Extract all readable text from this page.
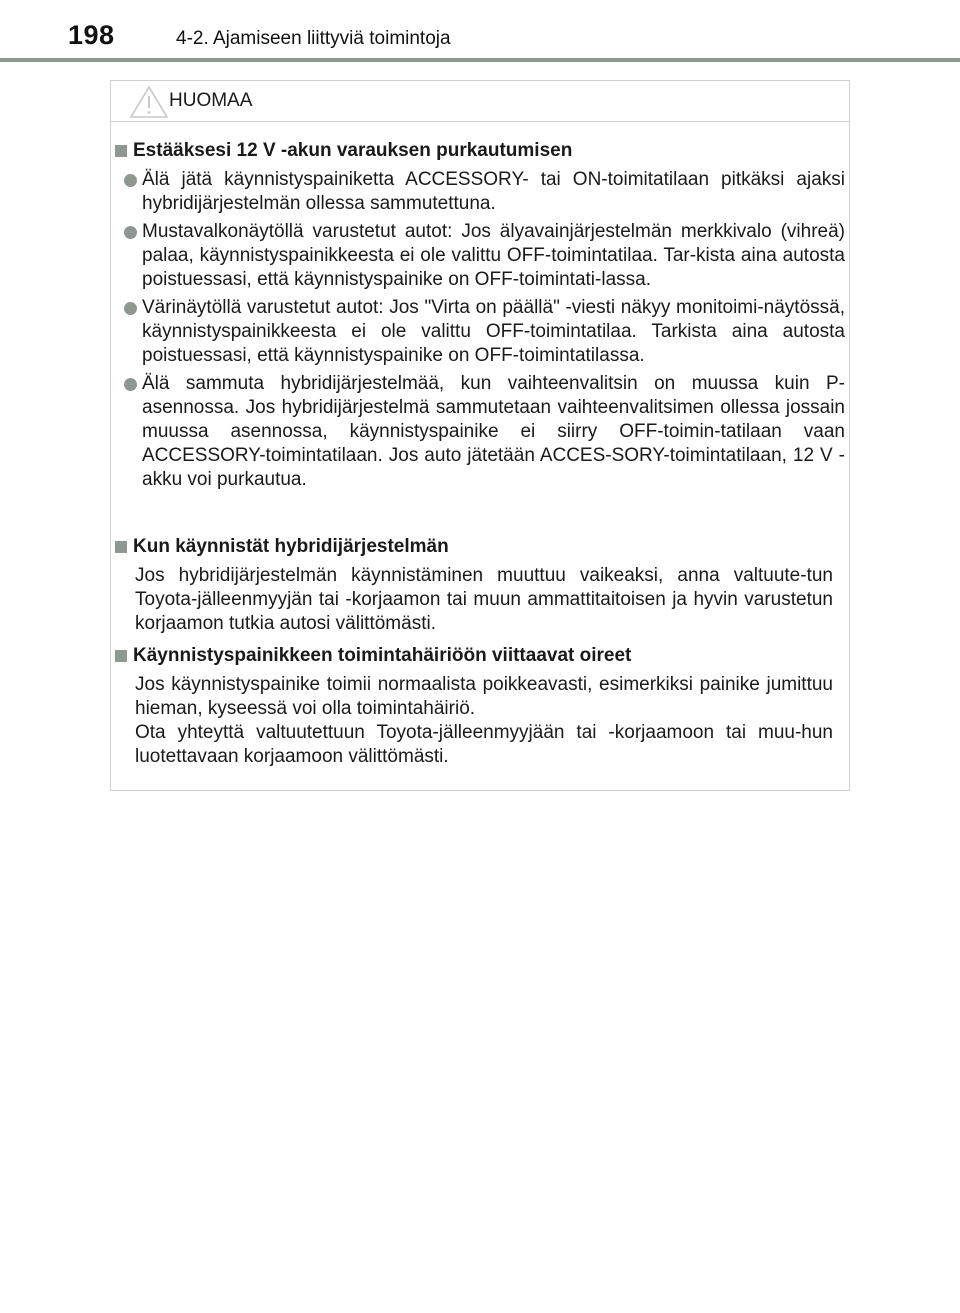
198	4-2. Ajamiseen liittyviä toimintoja
HUOMAA
Estääksesi 12 V -akun varauksen purkautumisen
Älä jätä käynnistyspainiketta ACCESSORY- tai ON-toimitatilaan pitkäksi ajaksi hybridijärjestelmän ollessa sammutettuna.
Mustavalkonäytöllä varustetut autot: Jos älyavainjärjestelmän merkkivalo (vihreä) palaa, käynnistyspainikkeesta ei ole valittu OFF-toimintatilaa. Tar-kista aina autosta poistuessasi, että käynnistyspainike on OFF-toimintati-lassa.
Värinäytöllä varustetut autot: Jos "Virta on päällä" -viesti näkyy monitoimi-näytössä, käynnistyspainikkeesta ei ole valittu OFF-toimintatilaa. Tarkista aina autosta poistuessasi, että käynnistyspainike on OFF-toimintatilassa.
Älä sammuta hybridijärjestelmää, kun vaihteenvalitsin on muussa kuin P-asennossa. Jos hybridijärjestelmä sammutetaan vaihteenvalitsimen ollessa jossain muussa asennossa, käynnistyspainike ei siirry OFF-toimin-tatilaan vaan ACCESSORY-toimintatilaan. Jos auto jätetään ACCES-SORY-toimintatilaan, 12 V -akku voi purkautua.
Kun käynnistät hybridijärjestelmän
Jos hybridijärjestelmän käynnistäminen muuttuu vaikeaksi, anna valtuute-tun Toyota-jälleenmyyjän tai -korjaamon tai muun ammattitaitoisen ja hyvin varustetun korjaamon tutkia autosi välittömästi.
Käynnistyspainikkeen toimintahäiriöön viittaavat oireet
Jos käynnistyspainike toimii normaalista poikkeavasti, esimerkiksi painike jumittuu hieman, kyseessä voi olla toimintahäiriö.
Ota yhteyttä valtuutettuun Toyota-jälleenmyyjään tai -korjaamoon tai muu-hun luotettavaan korjaamoon välittömästi.
